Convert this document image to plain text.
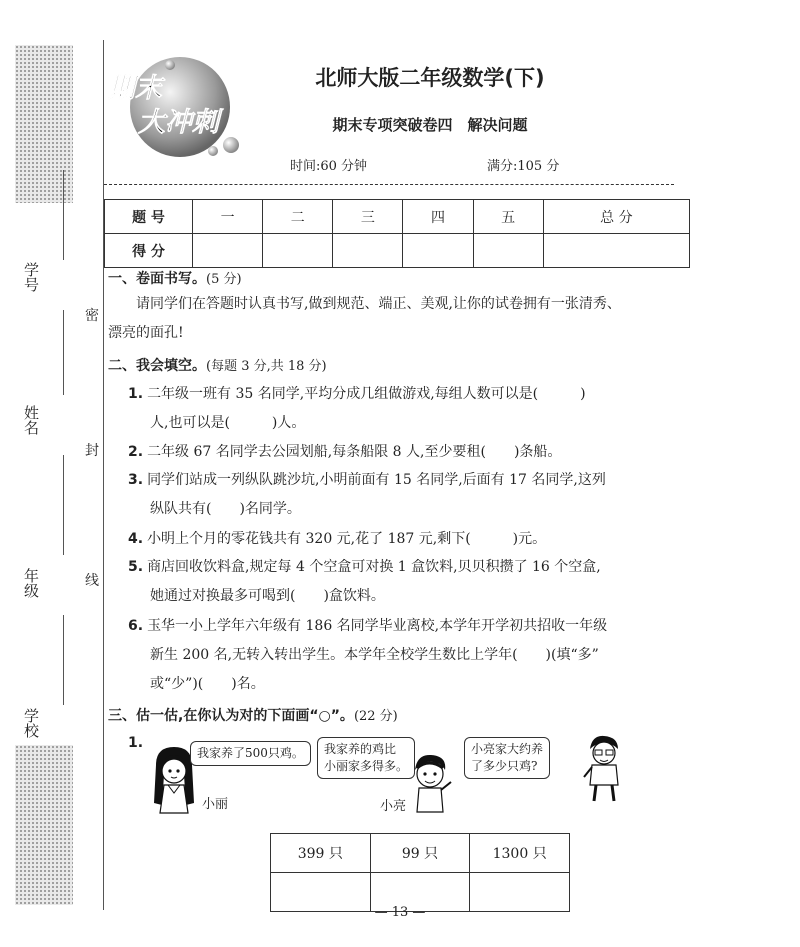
学号
姓名
年级
学校
密
封
线
期末
大冲刺
北师大版二年级数学(下)
期末专项突破卷四　解决问题
时间:60 分钟	满分:105 分
题 号	一	二	三	四	五	总 分
得 分						
一、卷面书写。(5 分)
请同学们在答题时认真书写,做到规范、端正、美观,让你的试卷拥有一张清秀、
漂亮的面孔!
二、我会填空。(每题 3 分,共 18 分)
1. 二年级一班有 35 名同学,平均分成几组做游戏,每组人数可以是(　　　)
人,也可以是(　　　)人。
2. 二年级 67 名同学去公园划船,每条船限 8 人,至少要租(　　)条船。
3. 同学们站成一列纵队跳沙坑,小明前面有 15 名同学,后面有 17 名同学,这列
纵队共有(　　)名同学。
4. 小明上个月的零花钱共有 320 元,花了 187 元,剩下(　　　)元。
5. 商店回收饮料盒,规定每 4 个空盒可对换 1 盒饮料,贝贝积攒了 16 个空盒,
她通过对换最多可喝到(　　)盒饮料。
6. 玉华一小上学年六年级有 186 名同学毕业离校,本学年开学初共招收一年级
新生 200 名,无转入转出学生。本学年全校学生数比上学年(　　)(填“多”
或“少”)(　　)名。
三、估一估,在你认为对的下面画“○”。(22 分)
1.
我家养了500只鸡。
小丽
我家养的鸡比
小丽家多得多。
小亮
小亮家大约养
了多少只鸡?
399 只	99 只	1300 只

— 13 —
